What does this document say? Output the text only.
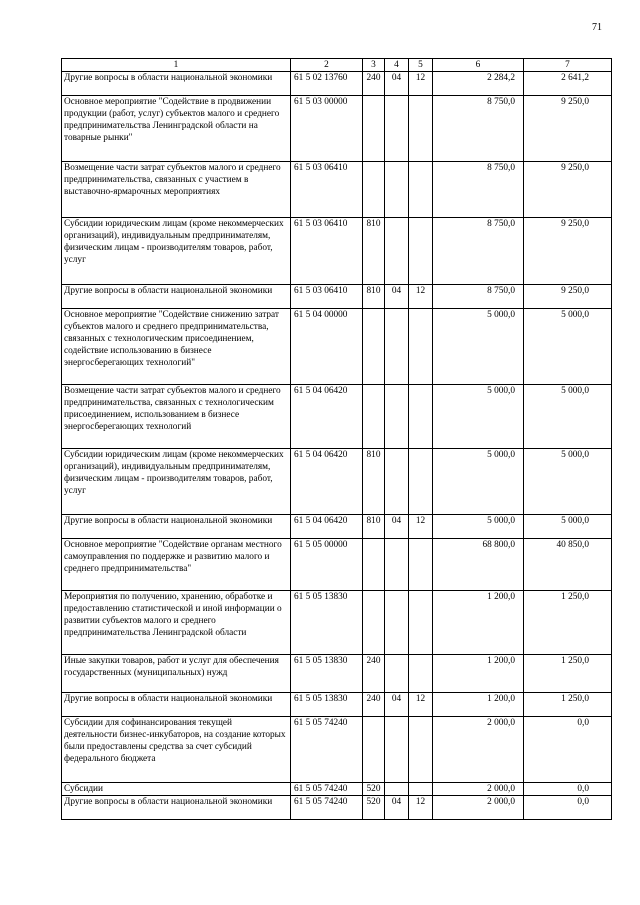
71
1	2	3	4	5	6	7
Другие вопросы в области национальной экономики	61 5 02 13760	240	04	12	2 284,2	2 641,2
Основное мероприятие "Содействие в продвижении продукции (работ, услуг) субъектов малого и среднего предпринимательства Ленинградской области на товарные рынки"	61 5 03 00000				8 750,0	9 250,0
Возмещение части затрат субъектов малого и среднего предпринимательства, связанных с участием в выставочно-ярмарочных мероприятиях	61 5 03 06410				8 750,0	9 250,0
Субсидии юридическим лицам (кроме некоммерческих организаций), индивидуальным предпринимателям, физическим лицам - производителям товаров, работ, услуг	61 5 03 06410	810			8 750,0	9 250,0
Другие вопросы в области национальной экономики	61 5 03 06410	810	04	12	8 750,0	9 250,0
Основное мероприятие "Содействие снижению затрат субъектов малого и среднего предпринимательства, связанных с технологическим присоединением, содействие использованию в бизнесе энергосберегающих технологий"	61 5 04 00000				5 000,0	5 000,0
Возмещение части затрат субъектов малого и среднего предпринимательства, связанных с технологическим присоединением, использованием в бизнесе энергосберегающих технологий	61 5 04 06420				5 000,0	5 000,0
Субсидии юридическим лицам (кроме некоммерческих организаций), индивидуальным предпринимателям, физическим лицам - производителям товаров, работ, услуг	61 5 04 06420	810			5 000,0	5 000,0
Другие вопросы в области национальной экономики	61 5 04 06420	810	04	12	5 000,0	5 000,0
Основное мероприятие "Содействие органам местного самоуправления по поддержке и развитию малого и среднего предпринимательства"	61 5 05 00000				68 800,0	40 850,0
Мероприятия по получению, хранению, обработке и предоставлению статистической и иной информации о развитии субъектов малого и среднего предпринимательства Ленинградской области	61 5 05 13830				1 200,0	1 250,0
Иные закупки товаров, работ и услуг для обеспечения государственных (муниципальных) нужд	61 5 05 13830	240			1 200,0	1 250,0
Другие вопросы в области национальной экономики	61 5 05 13830	240	04	12	1 200,0	1 250,0
Субсидии для софинансирования текущей деятельности бизнес-инкубаторов, на создание которых были предоставлены средства за счет субсидий федерального бюджета	61 5 05 74240				2 000,0	0,0
Субсидии	61 5 05 74240	520			2 000,0	0,0
Другие вопросы в области национальной экономики	61 5 05 74240	520	04	12	2 000,0	0,0
